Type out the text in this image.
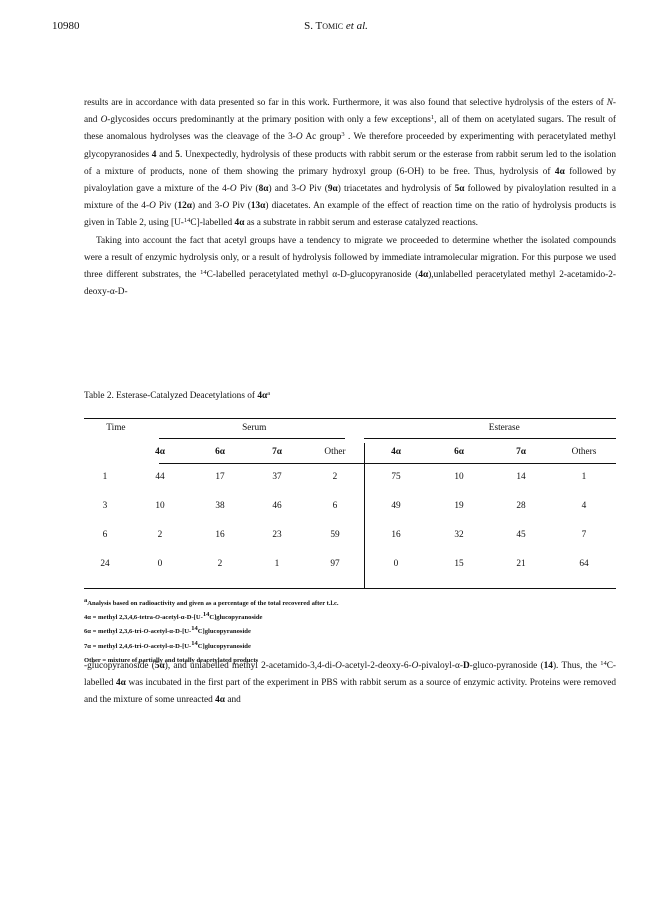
10980	S. Tomic et al.

results are in accordance with data presented so far in this work. Furthermore, it was also found that selective hydrolysis of the esters of N- and O-glycosides occurs predominantly at the primary position with only a few exceptions$^1$, all of them on acetylated sugars. The result of these anomalous hydrolyses was the cleavage of the 3-O Ac group$^3$ . We therefore proceeded by experimenting with peracetylated methyl glycopyranosides 4 and 5. Unexpectedly, hydrolysis of these products with rabbit serum or the esterase from rabbit serum led to the isolation of a mixture of products, none of them showing the primary hydroxyl group (6-OH) to be free. Thus, hydrolysis of 4α followed by pivaloylation gave a mixture of the 4-O Piv (8α) and 3-O Piv (9α) triacetates and hydrolysis of 5α followed by pivaloylation resulted in a mixture of the 4-O Piv (12α) and 3-O Piv (13α) diacetates. An example of the effect of reaction time on the ratio of hydrolysis products is given in Table 2, using [U-$^{14}$C]-labelled 4α as a substrate in rabbit serum and esterase catalyzed reactions.

Taking into account the fact that acetyl groups have a tendency to migrate we proceeded to determine whether the isolated compounds were a result of enzymic hydrolysis only, or a result of hydrolysis followed by immediate intramolecular migration. For this purpose we used three different substrates, the $^{14}$C-labelled peracetylated methyl α-D-glucopyranoside (4α),unlabelled peracetylated methyl 2-acetamido-2-deoxy-α-D-

Table 2. Esterase-Catalyzed Deacetylations of $4\alpha^a$
Time	Serum	Esterase
4α	6α	7α	Other	4α	6α	7α	Others
1	44	17	37	2	75	10	14	1
3	10	38	46	6	49	19	28	4
6	2	16	23	59	16	32	45	7
24	0	2	1	97	0	15	21	64
$^a$Analysis based on radioactivity and given as a percentage of the total recovered after t.l.c.
4α = methyl 2,3,4,6-tetra-O-acetyl-α-D-[U-$^{14}$C]glucopyranoside
6α = methyl 2,3,6-tri-O-acetyl-α-D-[U-$^{14}$C]glucopyranoside
7α = methyl 2,4,6-tri-O-acetyl-α-D-[U-$^{14}$C]glucopyranoside
Other = mixture of partially and totally deacetylated products

-glucopyranoside (5α), and unlabelled methyl 2-acetamido-3,4-di-O-acetyl-2-deoxy-6-O-pivaloyl-α-D-gluco-pyranoside (14). Thus, the $^{14}$C-labelled 4α was incubated in the first part of the experiment in PBS with rabbit serum as a source of enzymic activity. Proteins were removed and the mixture of some unreacted 4α and
